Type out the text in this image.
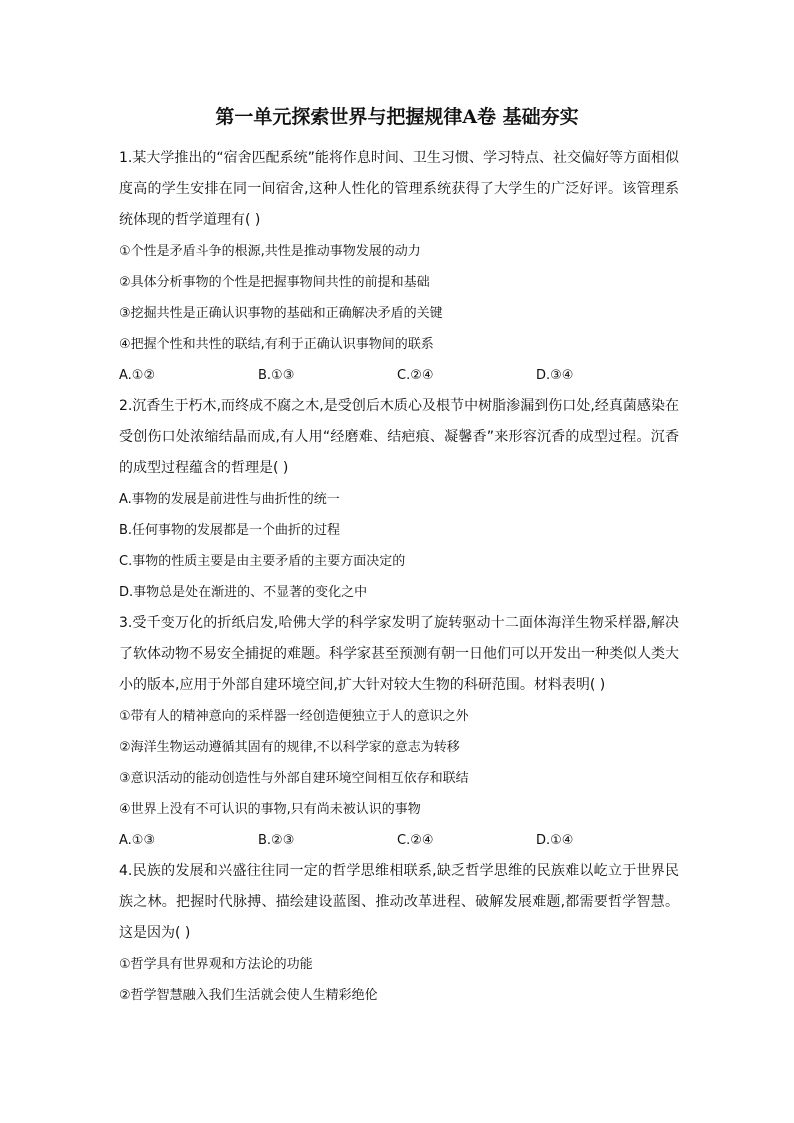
第一单元探索世界与把握规律A卷 基础夯实
1.某大学推出的“宿舍匹配系统”能将作息时间、卫生习惯、学习特点、社交偏好等方面相似度高的学生安排在同一间宿舍,这种人性化的管理系统获得了大学生的广泛好评。该管理系统体现的哲学道理有( )
①个性是矛盾斗争的根源,共性是推动事物发展的动力
②具体分析事物的个性是把握事物间共性的前提和基础
③挖掘共性是正确认识事物的基础和正确解决矛盾的关键
④把握个性和共性的联结,有利于正确认识事物间的联系
A.①②	B.①③	C.②④	D.③④
2.沉香生于朽木,而终成不腐之木,是受创后木质心及根节中树脂渗漏到伤口处,经真菌感染在受创伤口处浓缩结晶而成,有人用“经磨难、结疤痕、凝馨香”来形容沉香的成型过程。沉香的成型过程蕴含的哲理是( )
A.事物的发展是前进性与曲折性的统一
B.任何事物的发展都是一个曲折的过程
C.事物的性质主要是由主要矛盾的主要方面决定的
D.事物总是处在渐进的、不显著的变化之中
3.受千变万化的折纸启发,哈佛大学的科学家发明了旋转驱动十二面体海洋生物采样器,解决了软体动物不易安全捕捉的难题。科学家甚至预测有朝一日他们可以开发出一种类似人类大小的版本,应用于外部自建环境空间,扩大针对较大生物的科研范围。材料表明( )
①带有人的精神意向的采样器一经创造便独立于人的意识之外
②海洋生物运动遵循其固有的规律,不以科学家的意志为转移
③意识活动的能动创造性与外部自建环境空间相互依存和联结
④世界上没有不可认识的事物,只有尚未被认识的事物
A.①③	B.②③	C.②④	D.①④
4.民族的发展和兴盛往往同一定的哲学思维相联系,缺乏哲学思维的民族难以屹立于世界民族之林。把握时代脉搏、描绘建设蓝图、推动改革进程、破解发展难题,都需要哲学智慧。这是因为( )
①哲学具有世界观和方法论的功能
②哲学智慧融入我们生活就会使人生精彩绝伦
